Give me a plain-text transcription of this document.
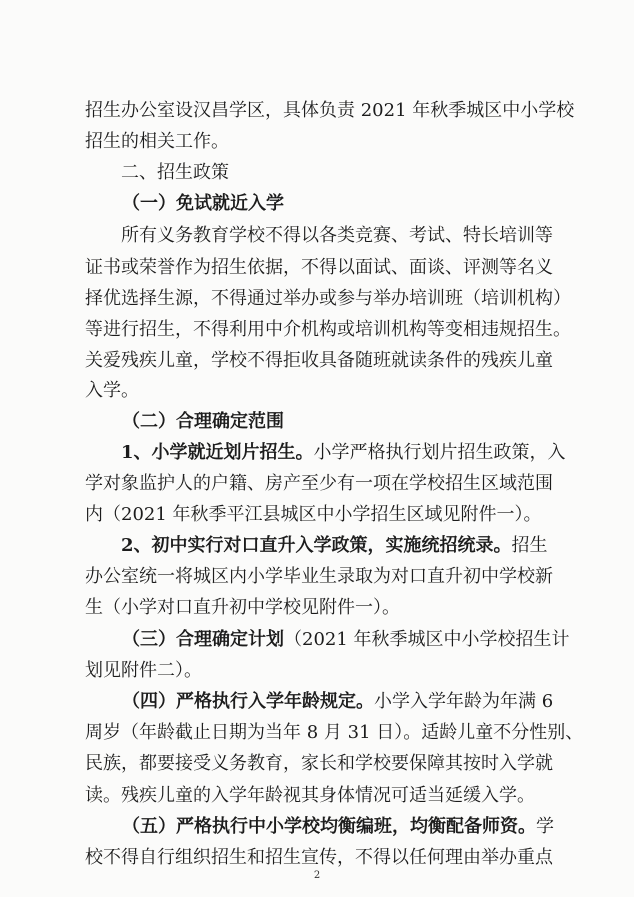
招生办公室设汉昌学区，具体负责 2021 年秋季城区中小学校
招生的相关工作。
二、招生政策
（一）免试就近入学
所有义务教育学校不得以各类竞赛、考试、特长培训等
证书或荣誉作为招生依据，不得以面试、面谈、评测等名义
择优选择生源，不得通过举办或参与举办培训班（培训机构）
等进行招生，不得利用中介机构或培训机构等变相违规招生。
关爱残疾儿童，学校不得拒收具备随班就读条件的残疾儿童
入学。
（二）合理确定范围
1、小学就近划片招生。小学严格执行划片招生政策，入
学对象监护人的户籍、房产至少有一项在学校招生区域范围
内（2021 年秋季平江县城区中小学招生区域见附件一）。
2、初中实行对口直升入学政策，实施统招统录。招生
办公室统一将城区内小学毕业生录取为对口直升初中学校新
生（小学对口直升初中学校见附件一）。
（三）合理确定计划（2021 年秋季城区中小学校招生计
划见附件二）。
（四）严格执行入学年龄规定。小学入学年龄为年满 6
周岁（年龄截止日期为当年 8 月 31 日）。适龄儿童不分性别、
民族，都要接受义务教育，家长和学校要保障其按时入学就
读。残疾儿童的入学年龄视其身体情况可适当延缓入学。
（五）严格执行中小学校均衡编班，均衡配备师资。学
校不得自行组织招生和招生宣传，不得以任何理由举办重点
2
